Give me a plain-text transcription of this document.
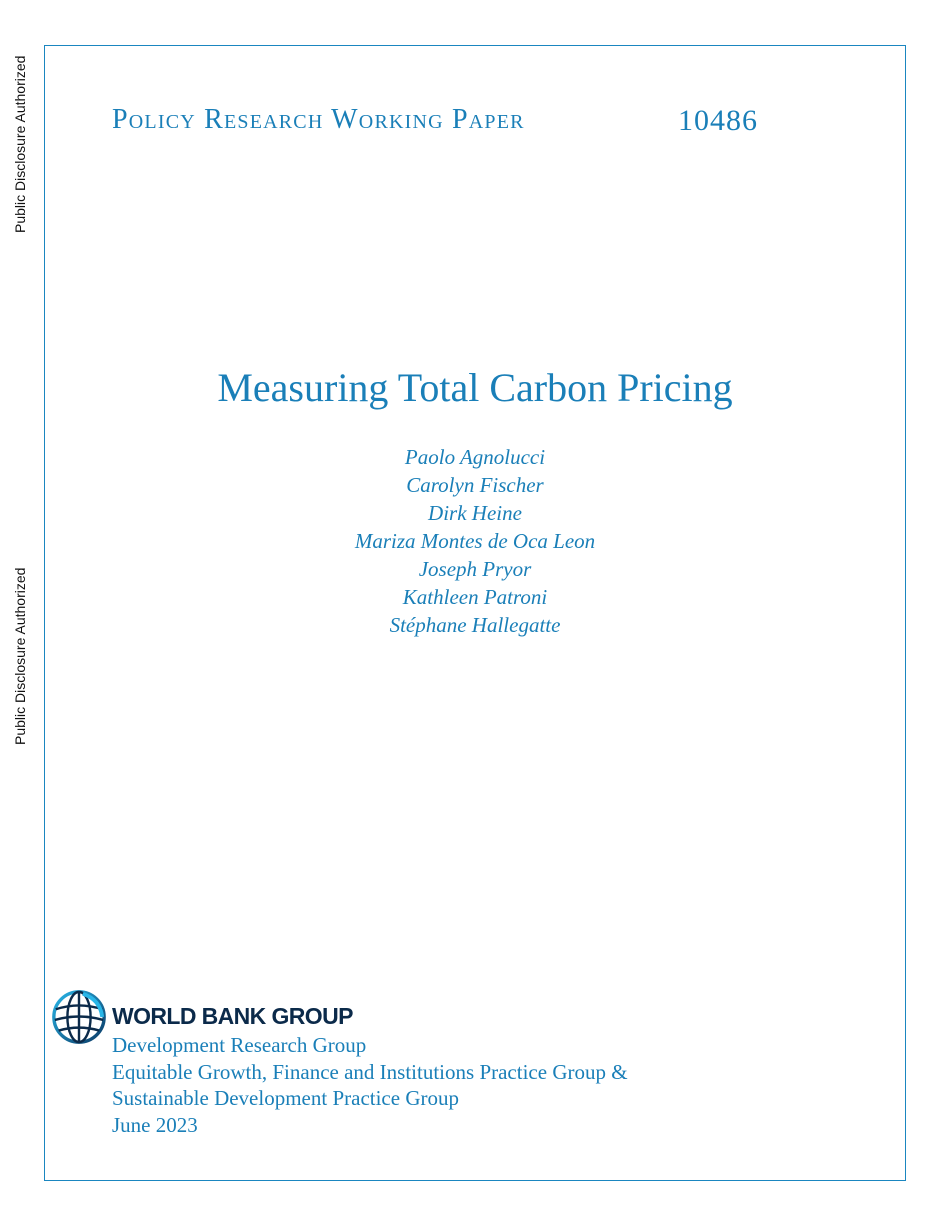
Public Disclosure Authorized
Public Disclosure Authorized
Policy Research Working Paper	10486
Measuring Total Carbon Pricing
Paolo Agnolucci
Carolyn Fischer
Dirk Heine
Mariza Montes de Oca Leon
Joseph Pryor
Kathleen Patroni
Stéphane Hallegatte
WORLD BANK GROUP
Development Research Group
Equitable Growth, Finance and Institutions Practice Group &
Sustainable Development Practice Group
June 2023
